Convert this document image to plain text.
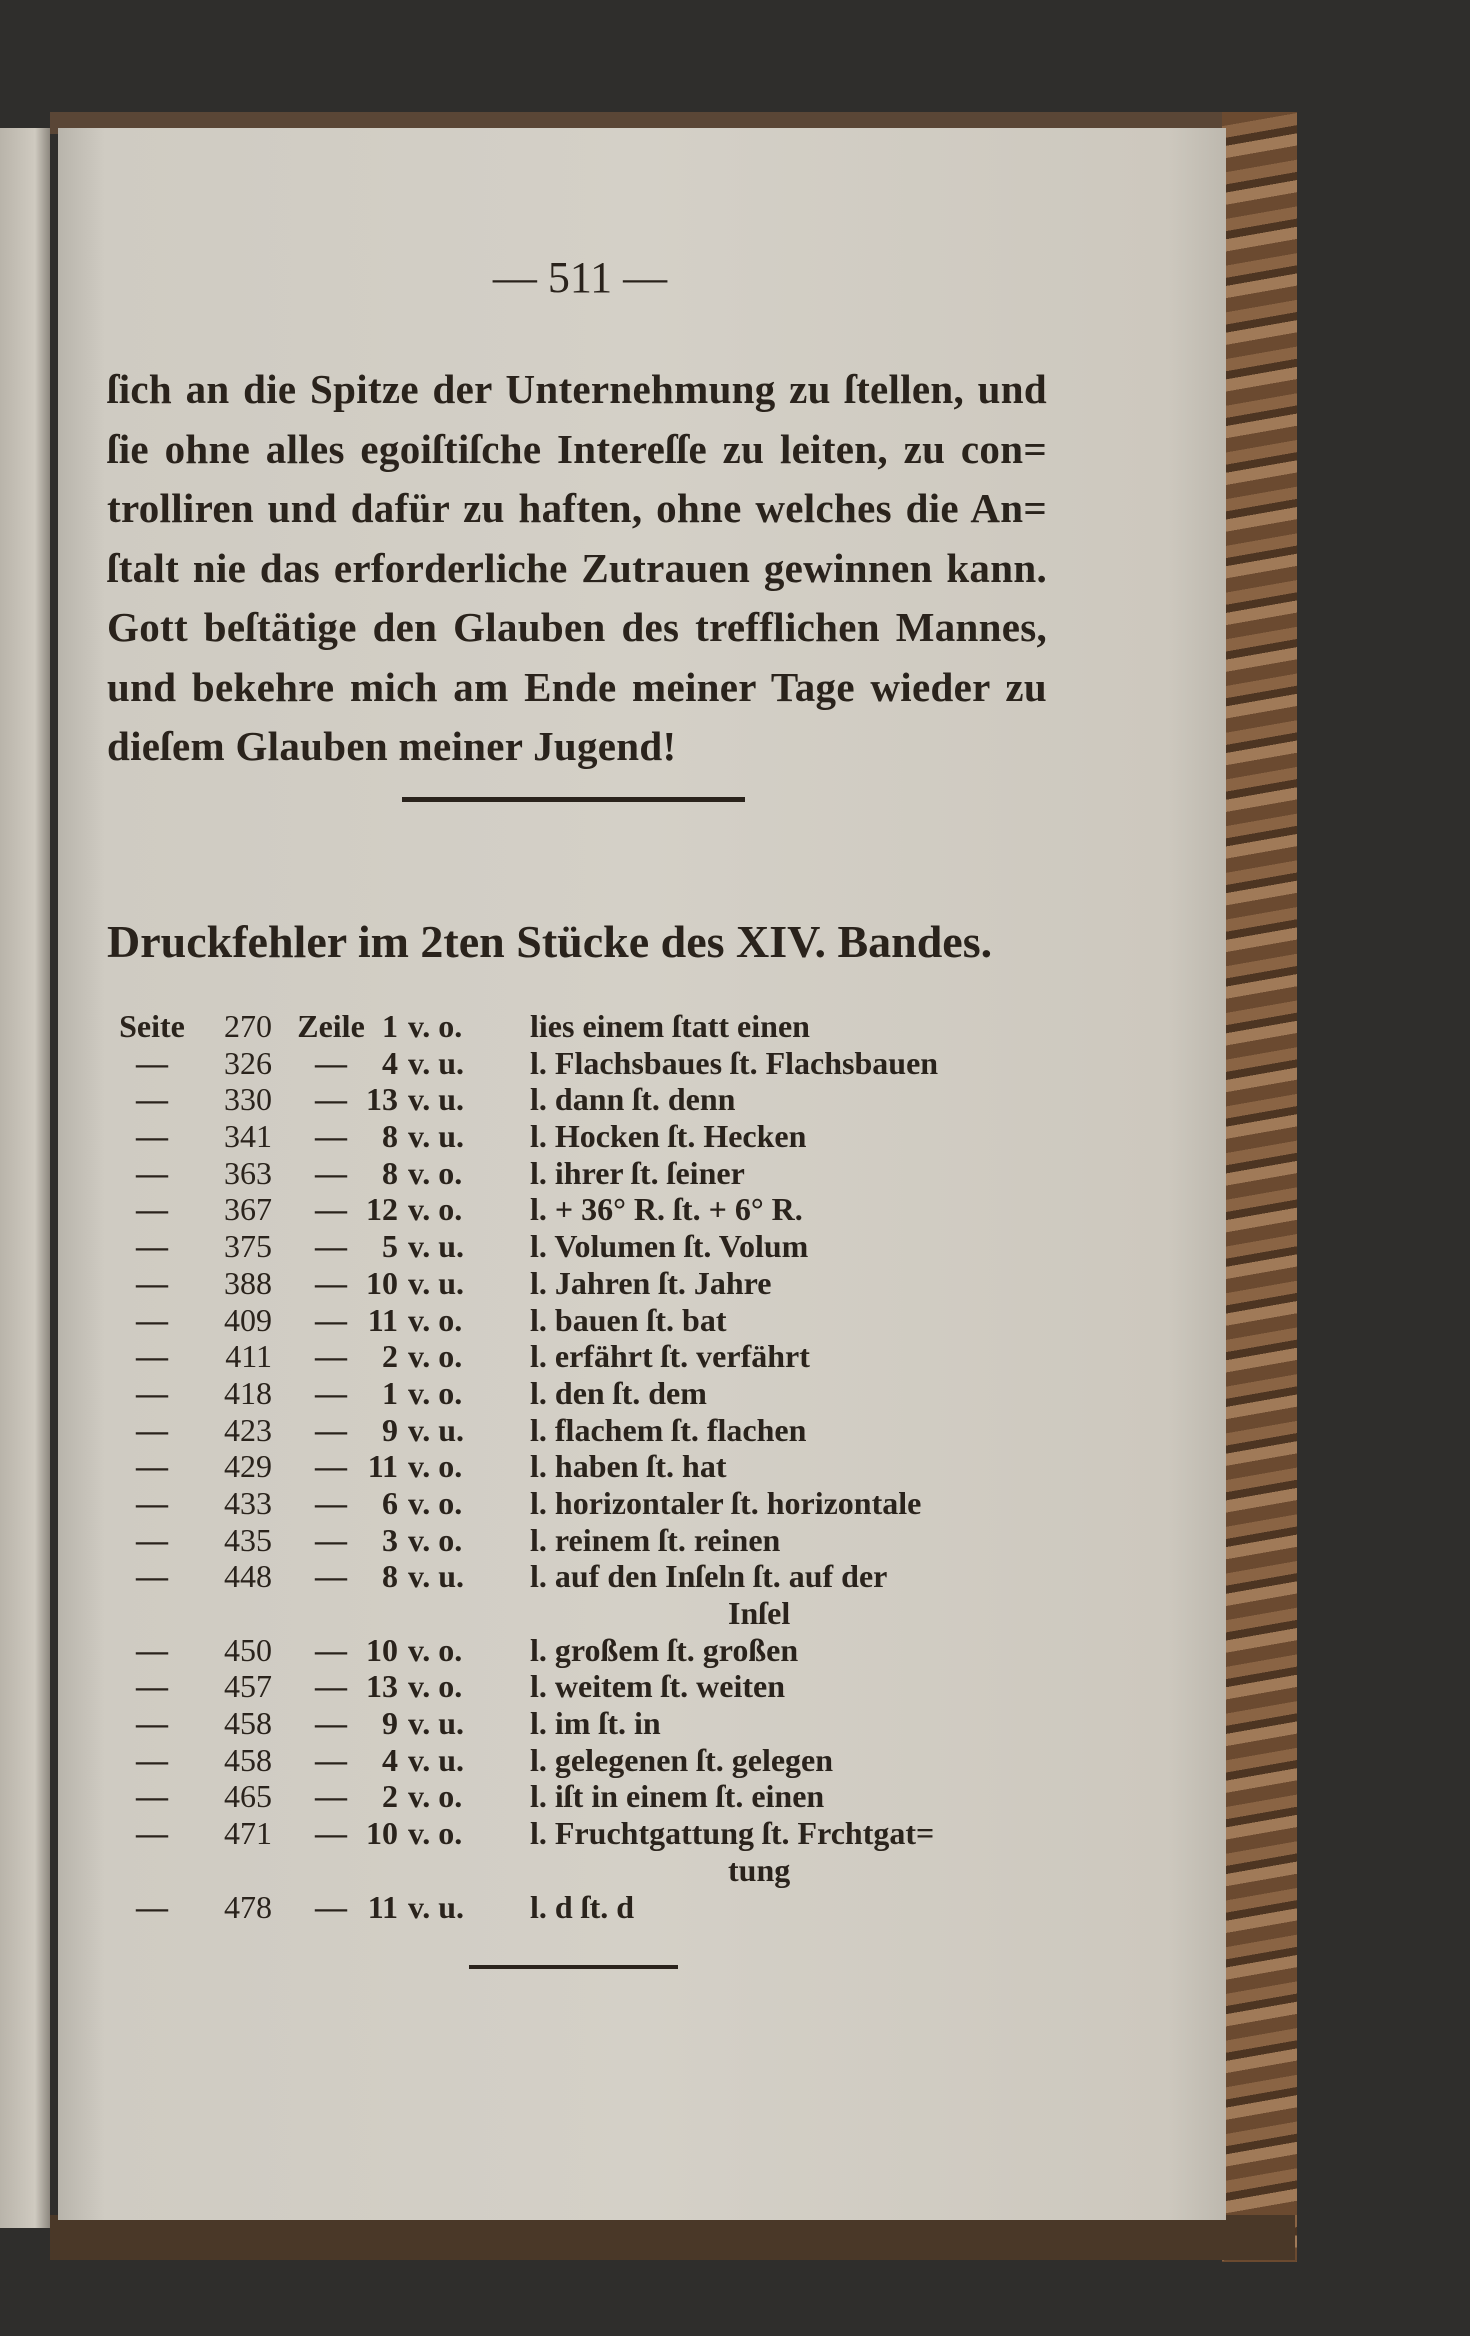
— 511 —
ſich an die Spitze der Unternehmung zu ſtellen, und
ſie ohne alles egoiſtiſche Intereſſe zu leiten, zu con=
trolliren und dafür zu haften, ohne welches die An=
ſtalt nie das erforderliche Zutrauen gewinnen kann.
Gott beſtätige den Glauben des trefflichen Mannes,
und bekehre mich am Ende meiner Tage wieder zu
dieſem Glauben meiner Jugend!
Druckfehler im 2ten Stücke des XIV. Bandes.
Seite	270 Zeile 1 v. o. lies einem ſtatt einen
—	326	—	4 v. u. l. Flachsbaues ſt. Flachsbauen
—	330	— 13 v. u. l. dann ſt. denn
—	341	—	8 v. u. l. Hocken ſt. Hecken
—	363	—	8 v. o. l. ihrer ſt. ſeiner
—	367	— 12 v. o. l. + 36° R. ſt. + 6° R.
—	375	—	5 v. u. l. Volumen ſt. Volum
—	388	— 10 v. u. l. Jahren ſt. Jahre
—	409	— 11 v. o. l. bauen ſt. bat
—	411	—	2 v. o. l. erfährt ſt. verfährt
—	418	—	1 v. o. l. den ſt. dem
—	423	—	9 v. u. l. flachem ſt. flachen
—	429	— 11 v. o. l. haben ſt. hat
—	433	—	6 v. o. l. horizontaler ſt. horizontale
—	435	—	3 v. o. l. reinem ſt. reinen
—	448	—	8 v. u. l. auf den Inſeln ſt. auf der
Inſel
—	450	— 10 v. o. l. großem ſt. großen
—	457	— 13 v. o. l. weitem ſt. weiten
—	458	—	9 v. u. l. im ſt. in
—	458	—	4 v. u. l. gelegenen ſt. gelegen
—	465	—	2 v. o. l. iſt in einem ſt. einen
—	471	— 10 v. o. l. Fruchtgattung ſt. Frchtgat=
tung
—	478	— 11 v. u. l. d ſt. d
